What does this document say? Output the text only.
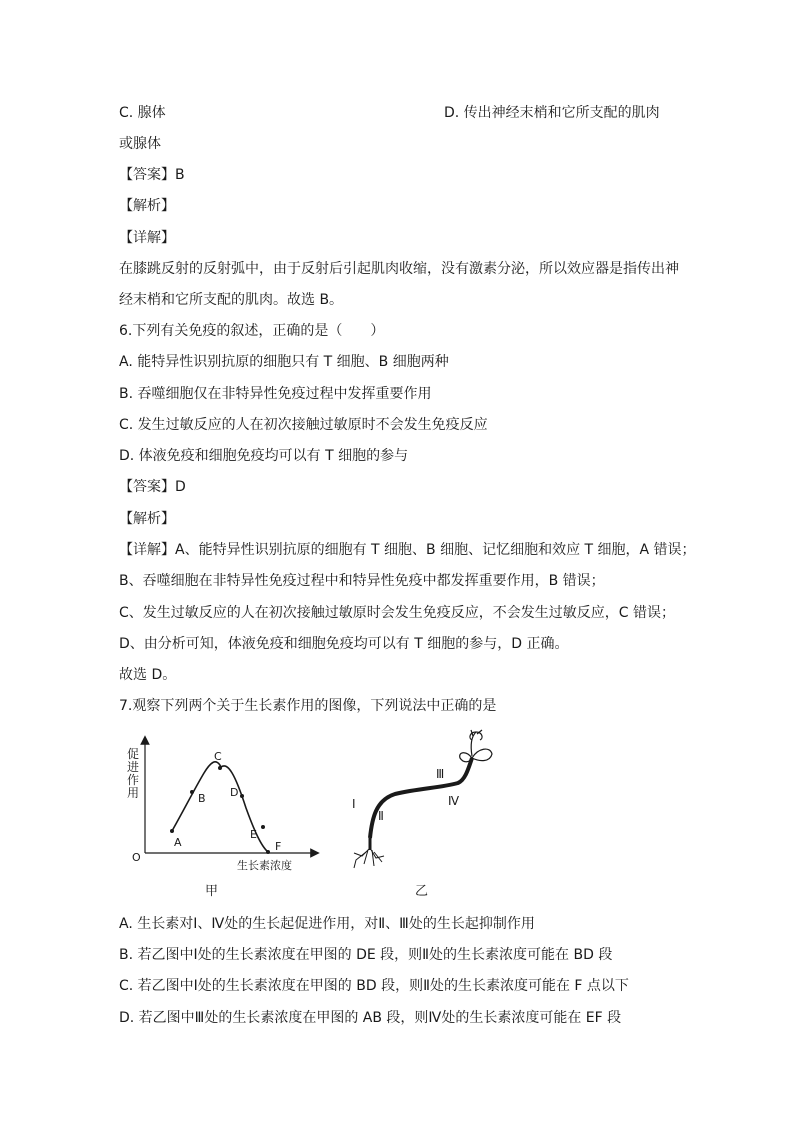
C. 腺体	D. 传出神经末梢和它所支配的肌肉
或腺体
【答案】B
【解析】
【详解】
在膝跳反射的反射弧中，由于反射后引起肌肉收缩，没有激素分泌，所以效应器是指传出神
经末梢和它所支配的肌肉。故选 B。
6.下列有关免疫的叙述，正确的是（　　）
A. 能特异性识别抗原的细胞只有 T 细胞、B 细胞两种
B. 吞噬细胞仅在非特异性免疫过程中发挥重要作用
C. 发生过敏反应的人在初次接触过敏原时不会发生免疫反应
D. 体液免疫和细胞免疫均可以有 T 细胞的参与
【答案】D
【解析】
【详解】A、能特异性识别抗原的细胞有 T 细胞、B 细胞、记忆细胞和效应 T 细胞，A 错误；
B、吞噬细胞在非特异性免疫过程中和特异性免疫中都发挥重要作用，B 错误；
C、发生过敏反应的人在初次接触过敏原时会发生免疫反应，不会发生过敏反应，C 错误；
D、由分析可知，体液免疫和细胞免疫均可以有 T 细胞的参与，D 正确。
故选 D。
7.观察下列两个关于生长素作用的图像，下列说法中正确的是
A
B
C
D
E
F
O
生长素浓度
促进作用
甲
Ⅰ
Ⅱ
Ⅲ
Ⅳ
乙
A. 生长素对Ⅰ、Ⅳ处的生长起促进作用，对Ⅱ、Ⅲ处的生长起抑制作用
B. 若乙图中Ⅰ处的生长素浓度在甲图的 DE 段，则Ⅱ处的生长素浓度可能在 BD 段
C. 若乙图中Ⅰ处的生长素浓度在甲图的 BD 段，则Ⅱ处的生长素浓度可能在 F 点以下
D. 若乙图中Ⅲ处的生长素浓度在甲图的 AB 段，则Ⅳ处的生长素浓度可能在 EF 段
